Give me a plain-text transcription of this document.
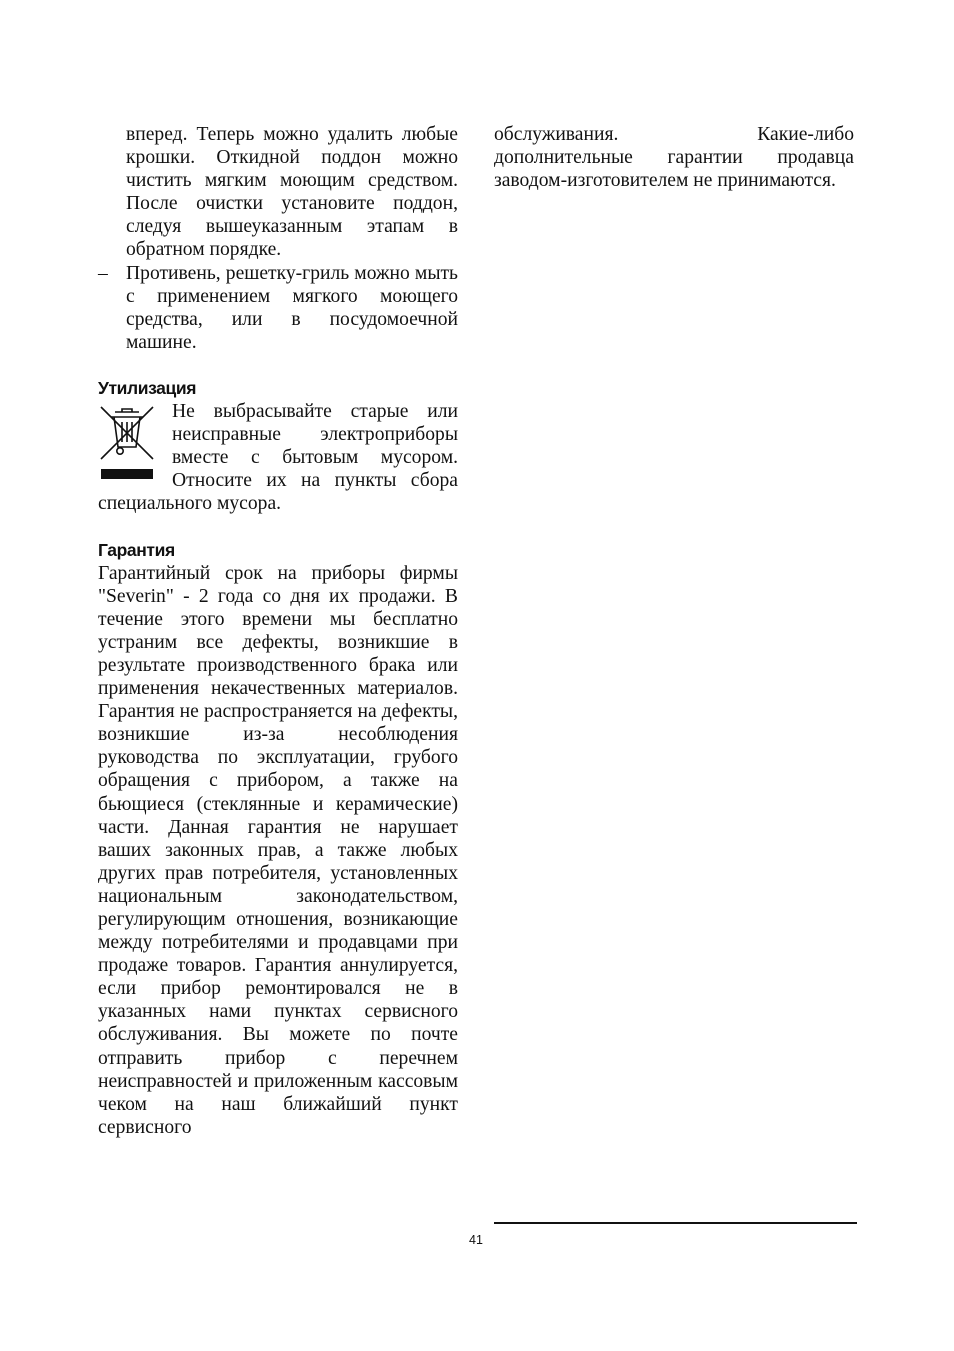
вперед. Теперь можно удалить любые крошки. Откидной поддон можно чистить мягким моющим средством. После очистки установите поддон, следуя вышеуказанным этапам в обратном порядке.

– Противень, решетку-гриль можно мыть с применением мягкого моющего средства, или в посудомоечной машине.

Утилизация

Не выбрасывайте старые или неисправные электроприборы вместе с бытовым мусором. Относите их на пункты сбора специального мусора.

Гарантия

Гарантийный срок на приборы фирмы "Severin" - 2 года со дня их продажи. В течение этого времени мы бесплатно устраним все дефекты, возникшие в результате производственного брака или применения некачественных материалов. Гарантия не распространяется на дефекты, возникшие из-за несоблюдения руководства по эксплуатации, грубого обращения с прибором, а также на бьющиеся (стеклянные и керамические) части. Данная гарантия не нарушает ваших законных прав, а также любых других прав потребителя, установленных национальным законодательством, регулирующим отношения, возникающие между потребителями и продавцами при продаже товаров. Гарантия аннулируется, если прибор ремонтировался не в указанных нами пунктах сервисного обслуживания. Вы можете по почте отправить прибор с перечнем неисправностей и приложенным кассовым чеком на наш ближайший пункт сервисного

обслуживания. Какие-либо дополнительные гарантии продавца заводом-изготовителем не принимаются.

41
